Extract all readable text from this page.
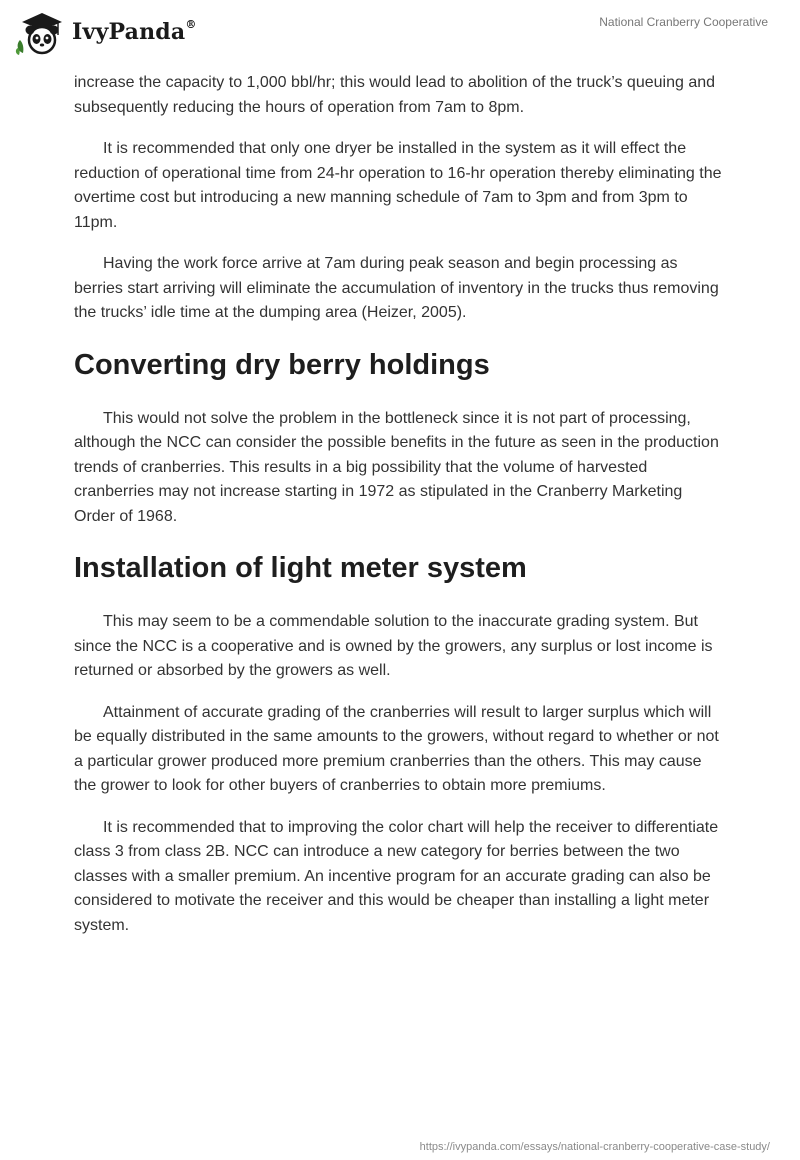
IvyPanda®	National Cranberry Cooperative

increase the capacity to 1,000 bbl/hr; this would lead to abolition of the truck’s queuing and subsequently reducing the hours of operation from 7am to 8pm.

It is recommended that only one dryer be installed in the system as it will effect the reduction of operational time from 24-hr operation to 16-hr operation thereby eliminating the overtime cost but introducing a new manning schedule of 7am to 3pm and from 3pm to 11pm.

Having the work force arrive at 7am during peak season and begin processing as berries start arriving will eliminate the accumulation of inventory in the trucks thus removing the trucks’ idle time at the dumping area (Heizer, 2005).

Converting dry berry holdings

This would not solve the problem in the bottleneck since it is not part of processing, although the NCC can consider the possible benefits in the future as seen in the production trends of cranberries. This results in a big possibility that the volume of harvested cranberries may not increase starting in 1972 as stipulated in the Cranberry Marketing Order of 1968.

Installation of light meter system

This may seem to be a commendable solution to the inaccurate grading system. But since the NCC is a cooperative and is owned by the growers, any surplus or lost income is returned or absorbed by the growers as well.

Attainment of accurate grading of the cranberries will result to larger surplus which will be equally distributed in the same amounts to the growers, without regard to whether or not a particular grower produced more premium cranberries than the others. This may cause the grower to look for other buyers of cranberries to obtain more premiums.

It is recommended that to improving the color chart will help the receiver to differentiate class 3 from class 2B. NCC can introduce a new category for berries between the two classes with a smaller premium. An incentive program for an accurate grading can also be considered to motivate the receiver and this would be cheaper than installing a light meter system.

https://ivypanda.com/essays/national-cranberry-cooperative-case-study/
